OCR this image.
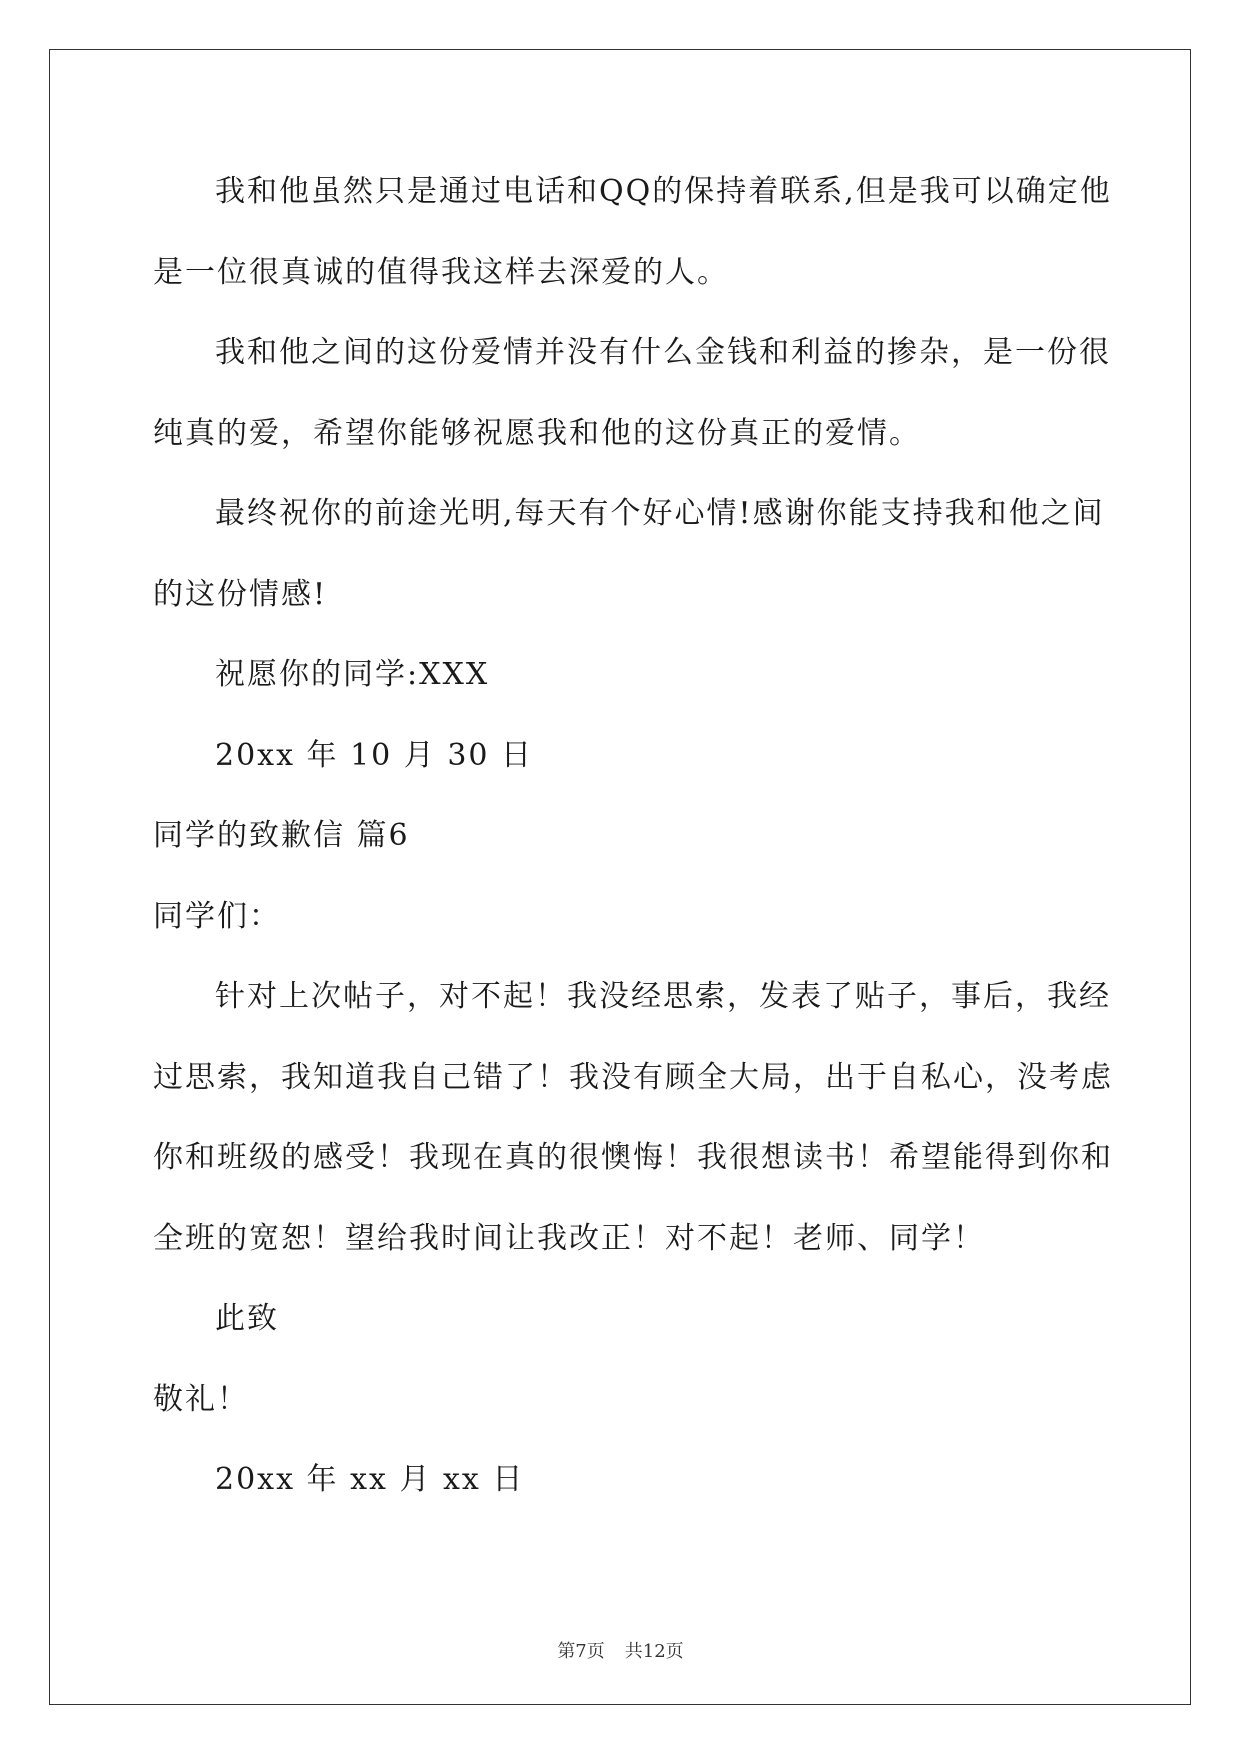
我和他虽然只是通过电话和QQ的保持着联系,但是我可以确定他
是一位很真诚的值得我这样去深爱的人。
我和他之间的这份爱情并没有什么金钱和利益的掺杂，是一份很
纯真的爱，希望你能够祝愿我和他的这份真正的爱情。
最终祝你的前途光明,每天有个好心情!感谢你能支持我和他之间
的这份情感!
祝愿你的同学:XXX
20xx 年 10 月 30 日
同学的致歉信 篇6
同学们：
针对上次帖子，对不起！我没经思索，发表了贴子，事后，我经
过思索，我知道我自己错了！我没有顾全大局，出于自私心，没考虑
你和班级的感受！我现在真的很懊悔！我很想读书！希望能得到你和
全班的宽恕！望给我时间让我改正！对不起！老师、同学！
此致
敬礼！
20xx 年 xx 月 xx 日
第7页 共12页
